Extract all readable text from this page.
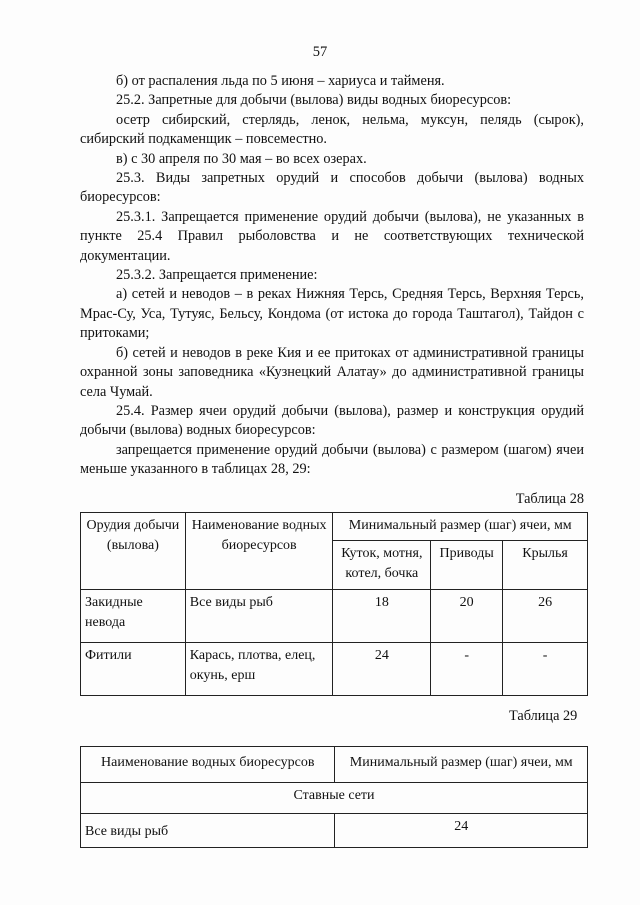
57

б) от распаления льда по 5 июня – хариуса и тайменя.

25.2. Запретные для добычи (вылова) виды водных биоресурсов:

осетр сибирский, стерлядь, ленок, нельма, муксун, пелядь (сырок), сибирский подкаменщик – повсеместно.

в) с 30 апреля по 30 мая – во всех озерах.

25.3. Виды запретных орудий и способов добычи (вылова) водных биоресурсов:

25.3.1. Запрещается применение орудий добычи (вылова), не указанных в пункте 25.4 Правил рыболовства и не соответствующих технической документации.

25.3.2. Запрещается применение:

а) сетей и неводов – в реках Нижняя Терсь, Средняя Терсь, Верхняя Терсь, Мрас-Су, Уса, Тутуяс, Бельсу, Кондома (от истока до города Таштагол), Тайдон с притоками;

б) сетей и неводов в реке Кия и ее притоках от административной границы охранной зоны заповедника «Кузнецкий Алатау» до административной границы села Чумай.

25.4. Размер ячеи орудий добычи (вылова), размер и конструкция орудий добычи (вылова) водных биоресурсов:

запрещается применение орудий добычи (вылова) с размером (шагом) ячеи меньше указанного в таблицах 28, 29:

Таблица 28

Орудия добычи (вылова)	Наименование водных биоресурсов	Минимальный размер (шаг) ячеи, мм		
		Куток, мотня, котел, бочка	Приводы	Крылья
Закидные невода	Все виды рыб	18	20	26
Фитили	Карась, плотва, елец, окунь, ерш	24	-	-
Таблица 29
Наименование водных биоресурсов	Минимальный размер (шаг) ячеи, мм
Ставные сети	
Все виды рыб	24
